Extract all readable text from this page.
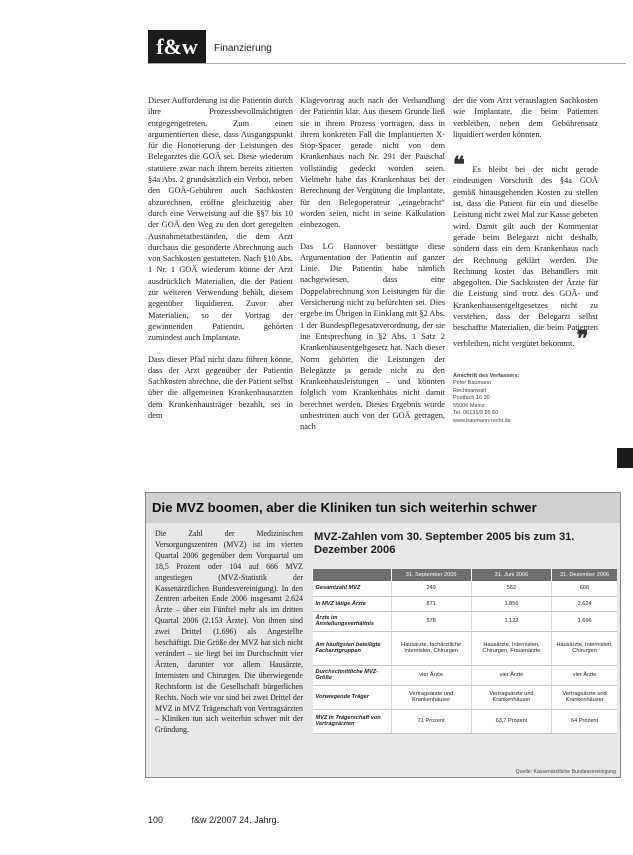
f&w	Finanzierung

Dieser Aufforderung ist die Patientin durch ihre Prozessbevollmächtigten entgegengetreten. Zum einen argumentierten diese, dass Ausgangspunkt für die Honorierung der Leistungen des Belegarztes die GOÄ sei. Diese wiederum statuiere zwar nach ihrem bereits zitierten §4a Abs. 2 grundsätzlich ein Verbot, neben den GOÄ-Gebühren auch Sachkosten abzurechnen, eröffne gleichzeitig aber durch eine Verweisung auf die §§7 bis 10 der GOÄ den Weg zu den dort geregelten Ausnahmetatbeständen, die dem Arzt durchaus die gesonderte Abrechnung auch von Sachkosten gestatteten. Nach §10 Abs. 1 Nr. 1 GOÄ wiederum könne der Arzt ausdrücklich Materialien, die der Patient zur weiteren Verwendung behält, diesem gegenüber liquidieren. Zuvor aber Materialien, so der Vortrag der gewinnenden Patientin, gehörten zumindest auch Implantate.

Dass dieser Pfad nicht dazu führen könne, dass der Arzt gegenüber der Patientin Sachkosten abrechne, die der Patient selbst über die allgemeinen Krankenhausarzten dem Krankenhausträger bezahlt, sei in dem

Klagevortrag auch nach der Verhandlung der Patientin klar. Aus diesem Grunde ließ sie in ihrem Prozess vortragen, dass in ihrem konkreten Fall die Implantierten X-Stop-Spacer gerade nicht von dem Krankenhaus nach Nr. 291 der Pauschal vollständig gedeckt worden seien. Vielmehr habe das Krankenhaus bei der Berechnung der Vergütung die Implantate, für den Belegoperateur „eingebracht“ worden seien, nicht in seine Kalkulation einbezogen.

Das LG Hannover bestätigte diese Argumentation der Patientin auf ganzer Linie. Die Patientin habe nämlich nachgewiesen, dass eine Doppelabrechnung von Leistungen für die Versicherung nicht zu befürchten sei. Dies ergebe im Übrigen in Einklang mit §2 Abs. 1 der Bundespflegesatzverordnung, der sie ine Entsprechung in §2 Abs. 1 Satz 2 Krankenhausentgeltgesetz hat. Nach dieser Norm gehörten die Leistungen der Belegärzte ja gerade nicht zu den Krankenhausleistungen – und könnten folglich vom Krankenhaus nicht damit berechnet werden. Dieses Ergebnis wurde unbestritten auch von der GOÄ getragen, nach

der die vom Arzt verauslagten Sachkosten wie Implantate, die beim Patienten verbleiben, neben dem Gebührensatz liquidiert werden könnten.

❝ Es bleibt bei der nicht gerade eindeutigen Vorschrift des §4a GOÄ gemäß hinausgehenden Kosten zu stellen ist, dass die Patient für ein und dieselbe Leistung nicht zwei Mal zur Kasse gebeten wird. Damit gilt auch der Kommentar gerade beim Belegarzt nicht deshalb, sondern dass ein dem Krankenhaus nach der Rechnung geklärt werden. Die Rechnung kostet das Behandlers mit abgegolten. Die Sachkosten der Ärzte für die Leistung sind trotz des GOÄ- und Krankenhausentgeltgesetzes nicht zu verstehen, dass der Belegarzt selbst beschaffte Materialien, die beim Patienten verbleiben, nicht vergütet bekommt. ❞

Anschrift des Verfassers:
Peter Baumann
Rechtsanwalt
Postfach 16 30
55006 Mainz
Tel. 06131/9 95 60
www.baumann-recht.de
Die MVZ boomen, aber die Kliniken tun sich weiterhin schwer
Die Zahl der Medizinischen Versorgungszentren (MVZ) ist im vierten Quartal 2006 gegenüber dem Vorquartal um 18,5 Prozent oder 104 auf 666 MVZ angestiegen (MVZ-Statistik der Kassenärztlichen Bundesvereinigung). In den Zentren arbeiten Ende 2006 insgesamt 2.624 Ärzte – über ein Fünftel mehr als im dritten Quartal 2006 (2.153 Ärzte). Von ihnen sind zwei Drittel (1.696) als Angestellte beschäftigt. Die Größe der MVZ hat sich nicht verändert – sie liegt bei im Durchschnitt vier Ärzten, darunter vor allem Hausärzte, Internisten und Chirurgen. Die überwiegende Rechtsform ist die Gesellschaft bürgerlichen Rechts. Noch wie vor sind bei zwei Drittel der MVZ in MVZ Trägerschaft von Vertragsärzten – Kliniken tun sich weiterhin schwer mit der Gründung.
MVZ-Zahlen vom 30. September 2005 bis zum 31. Dezember 2006
	31. September 2005	31. Juni 2006	31. Dezember 2006
Gesamtzahl MVZ	249	562	666
In MVZ tätige Ärzte	871	1.856	2.624
Ärzte im Anstellungsverhältnis	578	1.122	1.696
Am häufigsten beteiligte Facharztgruppen	Hausärzte, fachärztliche Internisten, Chirurgen	Hausärzte, Internisten, Chirurgen, Frauenärzte	Hausärzte, Internisten, Chirurgen
Durchschnittliche MVZ-Größe	vier Ärzte	vier Ärzte	vier Ärzte
Vorwiegende Träger	Vertragsärzte und Krankenhäuser	Vertragsärzte und Krankenhäuser	Vertragsärzte und Krankenhäuser
MVZ in Trägerschaft von Vertragsärzten	71 Prozent	63,7 Prozent	64 Prozent
Quelle: Kassenärztliche Bundesvereinigung
100	f&w 2/2007 24. Jahrg.
